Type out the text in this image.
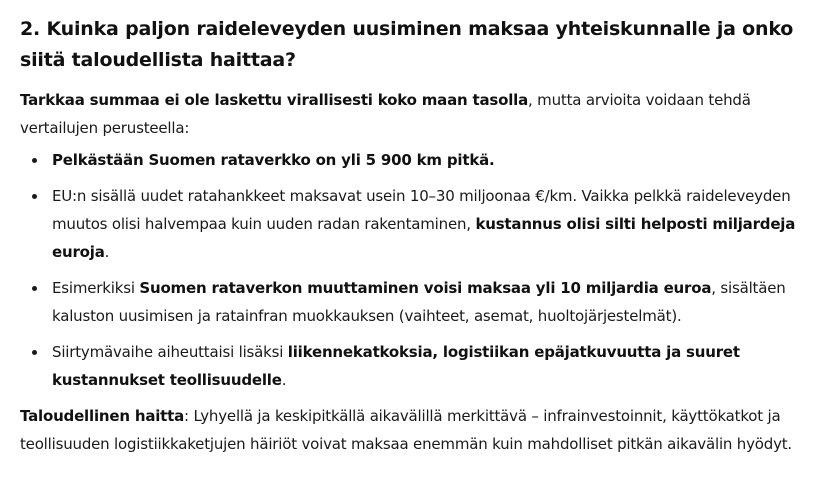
2. Kuinka paljon raideleveyden uusiminen maksaa yhteiskunnalle ja onko siitä taloudellista haittaa?

Tarkkaa summaa ei ole laskettu virallisesti koko maan tasolla, mutta arvioita voidaan tehdä vertailujen perusteella:

Pelkästään Suomen rataverkko on yli 5 900 km pitkä.
EU:n sisällä uudet ratahankkeet maksavat usein 10–30 miljoonaa €/km. Vaikka pelkkä raideleveyden muutos olisi halvempaa kuin uuden radan rakentaminen, kustannus olisi silti helposti miljardeja euroja.
Esimerkiksi Suomen rataverkon muuttaminen voisi maksaa yli 10 miljardia euroa, sisältäen kaluston uusimisen ja ratainfran muokkauksen (vaihteet, asemat, huoltojärjestelmät).
Siirtymävaihe aiheuttaisi lisäksi liikennekatkoksia, logistiikan epäjatkuvuutta ja suuret kustannukset teollisuudelle.

Taloudellinen haitta: Lyhyellä ja keskipitkällä aikavälillä merkittävä – infrainvestoinnit, käyttökatkot ja teollisuuden logistiikkaketjujen häiriöt voivat maksaa enemmän kuin mahdolliset pitkän aikavälin hyödyt.
